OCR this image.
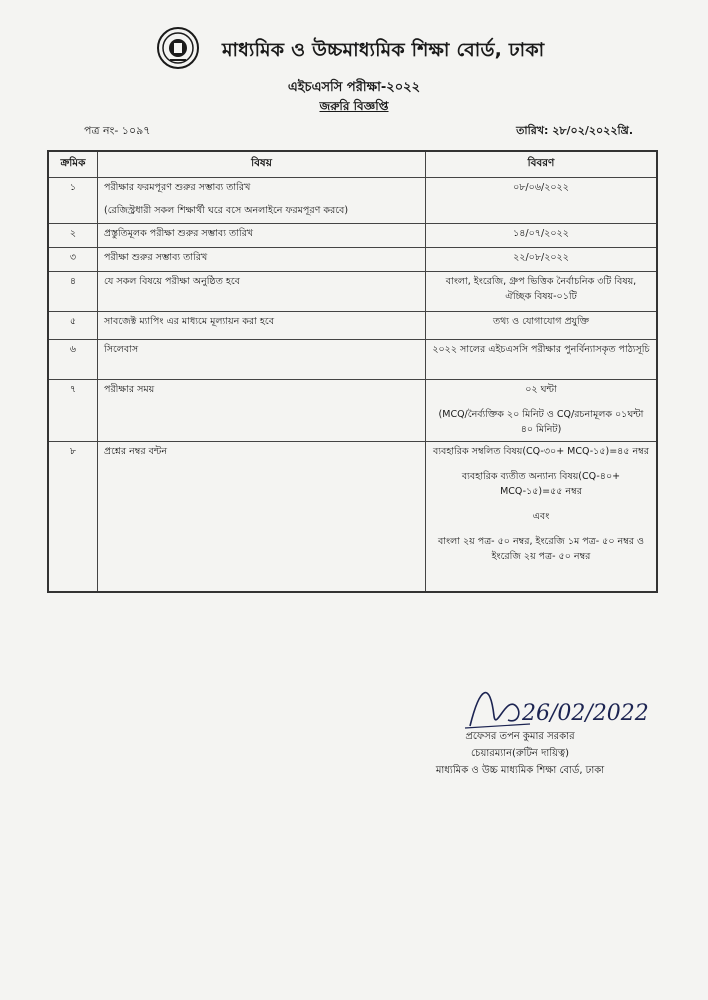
মাধ্যমিক ও উচ্চমাধ্যমিক শিক্ষা বোর্ড, ঢাকা
এইচএসসি পরীক্ষা-২০২২
জরুরি বিজ্ঞপ্তি
পত্র নং- ১০৯৭	তারিখ: ২৮/০২/২০২২খ্রি.
ক্রমিক	বিষয়	বিবরণ
১	পরীক্ষার ফরমপূরণ শুরুর সম্ভাব্য তারিখ
(রেজিস্ট্রধারী সকল শিক্ষার্থী ঘরে বসে অনলাইনে ফরমপূরণ করবে)	০৮/০৬/২০২২

২	প্রস্তুতিমূলক পরীক্ষা শুরুর সম্ভাব্য তারিখ	১৪/০৭/২০২২

৩	পরীক্ষা শুরুর সম্ভাব্য তারিখ	২২/০৮/২০২২

৪	যে সকল বিষয়ে পরীক্ষা অনুষ্ঠিত হবে	বাংলা, ইংরেজি, গ্রুপ ভিত্তিক নৈর্বাচনিক ৩টি বিষয়, ঐচ্ছিক বিষয়-০১টি

৫	সাবজেক্ট ম্যাপিং এর মাধ্যমে মূল্যায়ন করা হবে	তথ্য ও যোগাযোগ প্রযুক্তি

৬	সিলেবাস	২০২২ সালের এইচএসসি পরীক্ষার পুনর্বিন্যাসকৃত পাঠ্যসূচি

৭	পরীক্ষার সময়	০২ ঘন্টা

(MCQ/নৈর্ব্যক্তিক ২০ মিনিট ও CQ/রচনামূলক ০১ঘন্টা ৪০ মিনিট)

৮	প্রশ্নের নম্বর বন্টন	ব্যবহারিক সম্বলিত বিষয়(CQ-৩০+ MCQ-১৫)=৪৫ নম্বর

ব্যবহারিক ব্যতীত অন্যান্য বিষয়(CQ-৪০+ MCQ-১৫)=৫৫ নম্বর

এবং

বাংলা ২য় পত্র- ৫০ নম্বর, ইংরেজি ১ম পত্র- ৫০ নম্বর ও ইংরেজি ২য় পত্র- ৫০ নম্বর

26/02/2022
প্রফেসর তপন কুমার সরকার
চেয়ারম্যান(রুটিন দায়িত্ব)
মাধ্যমিক ও উচ্চ মাধ্যমিক শিক্ষা বোর্ড, ঢাকা
